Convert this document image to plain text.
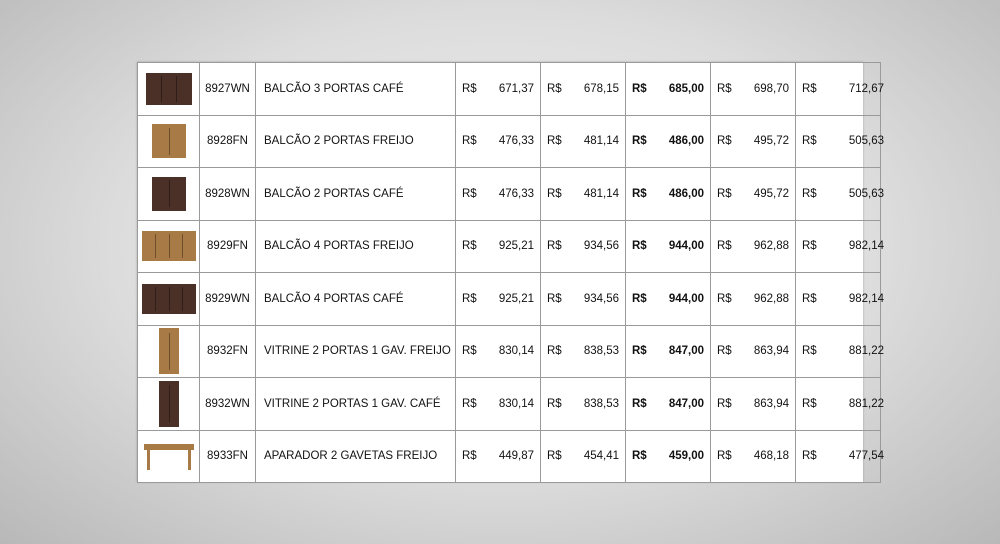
	8927WN	BALCÃO 3 PORTAS CAFÉ	R$ 671,37	R$ 678,15	R$ 685,00	R$ 698,70	R$ 712,67

	8928FN	BALCÃO 2 PORTAS FREIJO	R$ 476,33	R$ 481,14	R$ 486,00	R$ 495,72	R$ 505,63

	8928WN	BALCÃO 2 PORTAS CAFÉ	R$ 476,33	R$ 481,14	R$ 486,00	R$ 495,72	R$ 505,63

	8929FN	BALCÃO 4 PORTAS FREIJO	R$ 925,21	R$ 934,56	R$ 944,00	R$ 962,88	R$ 982,14

	8929WN	BALCÃO 4 PORTAS CAFÉ	R$ 925,21	R$ 934,56	R$ 944,00	R$ 962,88	R$ 982,14

	8932FN	VITRINE 2 PORTAS 1 GAV. FREIJO	R$ 830,14	R$ 838,53	R$ 847,00	R$ 863,94	R$ 881,22

	8932WN	VITRINE 2 PORTAS 1 GAV. CAFÉ	R$ 830,14	R$ 838,53	R$ 847,00	R$ 863,94	R$ 881,22

	8933FN	APARADOR 2 GAVETAS FREIJO	R$ 449,87	R$ 454,41	R$ 459,00	R$ 468,18	R$ 477,54
